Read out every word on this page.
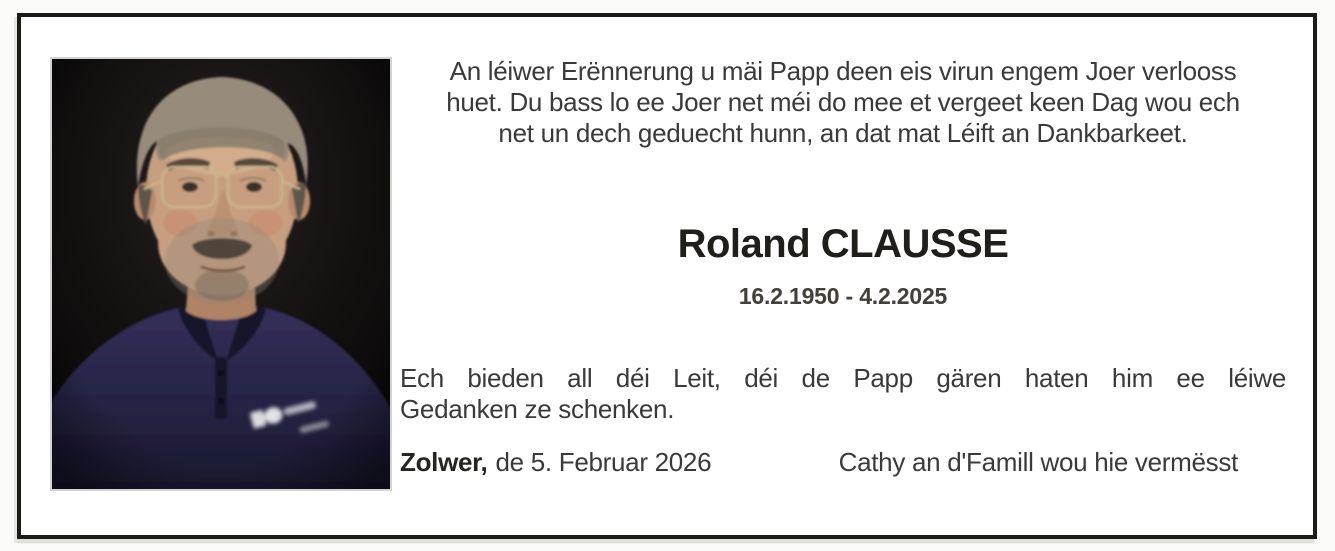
An léiwer Erënnerung u mäi Papp deen eis virun engem Joer verlooss
huet. Du bass lo ee Joer net méi do mee et vergeet keen Dag wou ech
net un dech geduecht hunn, an dat mat Léift an Dankbarkeet.
Roland CLAUSSE
16.2.1950 - 4.2.2025
Ech bieden all déi Leit, déi de Papp gären haten him ee léiwe
Gedanken ze schenken.
Zolwer, de 5. Februar 2026	Cathy an d'Famill wou hie vermësst
